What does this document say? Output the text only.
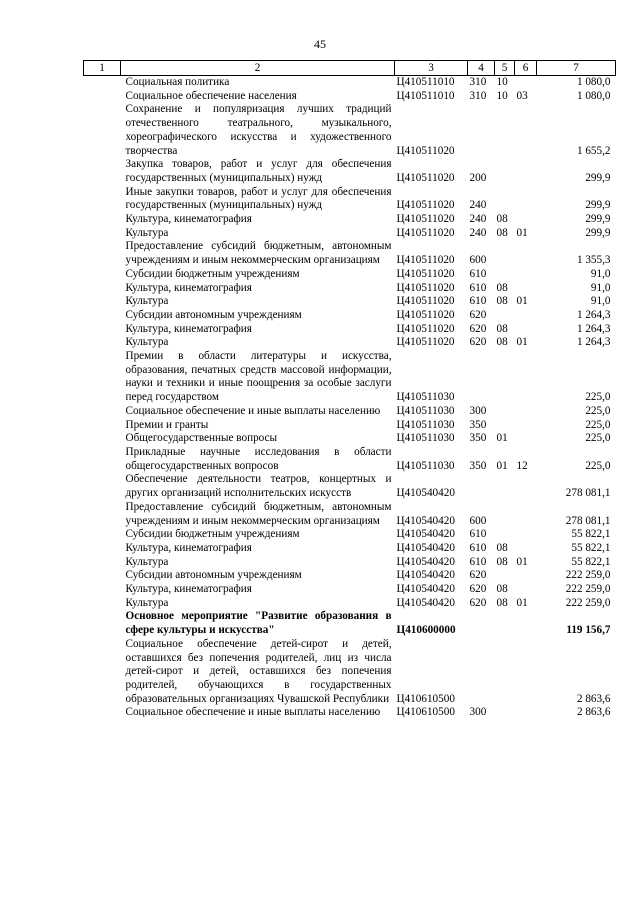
45
1	2	3	4	5	6	7
	Социальная политика	Ц410511010	310	10		1 080,0
	Социальное обеспечение населения	Ц410511010	310	10	03	1 080,0
	Сохранение и популяризация лучших традиций отечественного театрального, музыкального, хореографического искусства и художественного творчества	Ц410511020				1 655,2
	Закупка товаров, работ и услуг для обеспечения государственных (муниципальных) нужд	Ц410511020	200			299,9
	Иные закупки товаров, работ и услуг для обеспечения государственных (муниципальных) нужд	Ц410511020	240			299,9
	Культура, кинематография	Ц410511020	240	08		299,9
	Культура	Ц410511020	240	08	01	299,9
	Предоставление субсидий бюджетным, автономным учреждениям и иным некоммерческим организациям	Ц410511020	600			1 355,3
	Субсидии бюджетным учреждениям	Ц410511020	610			91,0
	Культура, кинематография	Ц410511020	610	08		91,0
	Культура	Ц410511020	610	08	01	91,0
	Субсидии автономным учреждениям	Ц410511020	620			1 264,3
	Культура, кинематография	Ц410511020	620	08		1 264,3
	Культура	Ц410511020	620	08	01	1 264,3
	Премии в области литературы и искусства, образования, печатных средств массовой информации, науки и техники и иные поощрения за особые заслуги перед государством	Ц410511030				225,0
	Социальное обеспечение и иные выплаты населению	Ц410511030	300			225,0
	Премии и гранты	Ц410511030	350			225,0
	Общегосударственные вопросы	Ц410511030	350	01		225,0
	Прикладные научные исследования в области общегосударственных вопросов	Ц410511030	350	01	12	225,0
	Обеспечение деятельности театров, концертных и других организаций исполнительских искусств	Ц410540420				278 081,1
	Предоставление субсидий бюджетным, автономным учреждениям и иным некоммерческим организациям	Ц410540420	600			278 081,1
	Субсидии бюджетным учреждениям	Ц410540420	610			55 822,1
	Культура, кинематография	Ц410540420	610	08		55 822,1
	Культура	Ц410540420	610	08	01	55 822,1
	Субсидии автономным учреждениям	Ц410540420	620			222 259,0
	Культура, кинематография	Ц410540420	620	08		222 259,0
	Культура	Ц410540420	620	08	01	222 259,0
	Основное мероприятие "Развитие образования в сфере культуры и искусства"	Ц410600000				119 156,7
	Социальное обеспечение детей-сирот и детей, оставшихся без попечения родителей, лиц из числа детей-сирот и детей, оставшихся без попечения родителей, обучающихся в государственных образовательных организациях Чувашской Республики	Ц410610500				2 863,6
	Социальное обеспечение и иные выплаты населению	Ц410610500	300			2 863,6
